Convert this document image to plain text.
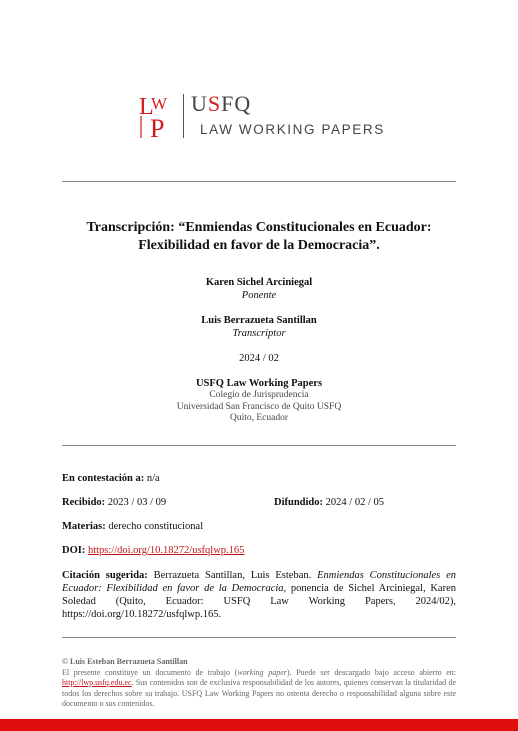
L
W
P
USFQ
LAW WORKING PAPERS
Transcripción: “Enmiendas Constitucionales en Ecuador:
Flexibilidad en favor de la Democracia”.
Karen Sichel Arciniegal
Ponente
Luis Berrazueta Santillan
Transcriptor
2024 / 02
USFQ Law Working Papers
Colegio de Jurisprudencia
Universidad San Francisco de Quito USFQ
Quito, Ecuador
En contestación a: n/a
Recibido: 2023 / 03 / 09	Difundido: 2024 / 02 / 05
Materias: derecho constitucional
DOI: https://doi.org/10.18272/usfqlwp.165
Citación sugerida: Berrazueta Santillan, Luis Esteban. Enmiendas Constitucionales en Ecuador: Flexibilidad en favor de la Democracia, ponencia de Sichel Arciniegal, Karen Soledad (Quito, Ecuador: USFQ Law Working Papers, 2024/02), https://doi.org/10.18272/usfqlwp.165.
© Luis Esteban Berrazueta Santillan
El presente constituye un documento de trabajo (working paper). Puede ser descargado bajo acceso abierto en: http://lwp.usfq.edu.ec. Sus contenidos son de exclusiva responsabilidad de los autores, quienes conservan la titularidad de todos los derechos sobre su trabajo. USFQ Law Working Papers no ostenta derecho o responsabilidad alguna sobre este documento o sus contenidos.
